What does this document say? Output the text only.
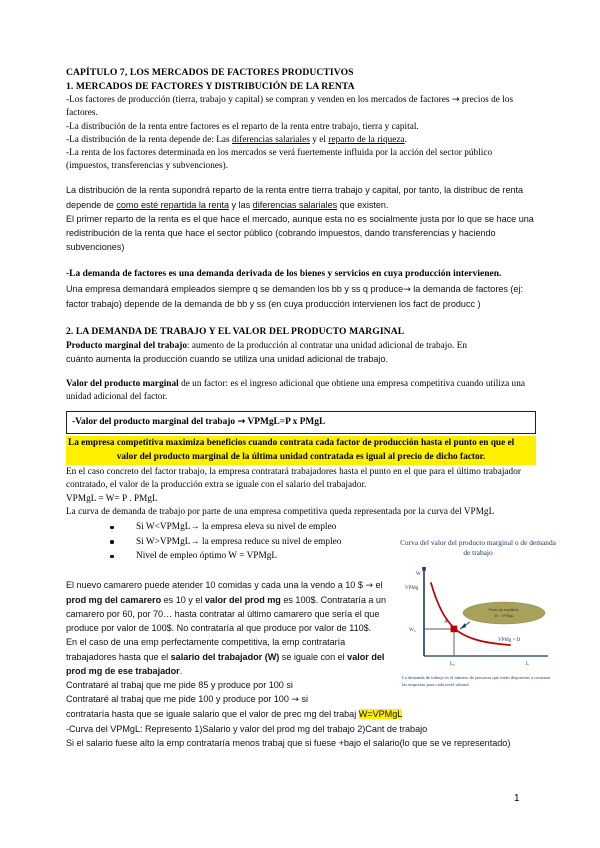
CAPÍTULO 7, LOS MERCADOS DE FACTORES PRODUCTIVOS
1. MERCADOS DE FACTORES Y DISTRIBUCIÓN DE LA RENTA
-Los factores de producción (tierra, trabajo y capital) se compran y venden en los mercados de factores → precios de los factores.
-La distribución de la renta entre factores es el reparto de la renta entre trabajo, tierra y capital.
-La distribución de la renta depende de: Las diferencias salariales y el reparto de la riqueza.
-La renta de los factores determinada en los mercados se verá fuertemente influida por la acción del sector público (impuestos, transferencias y subvenciones).
La distribución de la renta supondrá reparto de la renta entre tierra trabajo y capital, por tanto, la distribuc de renta depende de como esté repartida la renta y las diferencias salariales que existen.
El primer reparto de la renta es el que hace el mercado, aunque esta no es socialmente justa por lo que se hace una redistribución de la renta que hace el sector público (cobrando impuestos, dando transferencias y haciendo subvenciones)
-La demanda de factores es una demanda derivada de los bienes y servicios en cuya producción intervienen.
Una empresa demandará empleados siempre q se demanden los bb y ss q produce→ la demanda de factores (ej: factor trabajo) depende de la demanda de bb y ss (en cuya producción intervienen los fact de producc )
2. LA DEMANDA DE TRABAJO Y EL VALOR DEL PRODUCTO MARGINAL
Producto marginal del trabajo: aumento de la producción al contratar una unidad adicional de trabajo. En
cuánto aumenta la producción cuando se utiliza una unidad adicional de trabajo.
Valor del producto marginal de un factor: es el ingreso adicional que obtiene una empresa competitiva cuando utiliza una unidad adicional del factor.
-Valor del producto marginal del trabajo → VPMgL=P x PMgL
La empresa competitiva maximiza beneficios cuando contrata cada factor de producción hasta el punto en que el
valor del producto marginal de la última unidad contratada es igual al precio de dicho factor.
En el caso concreto del factor trabajo, la empresa contratará trabajadores hasta el punto en el que para el último trabajador contratado, el valor de la producción extra se iguale con el salario del trabajador.
VPMgL = W= P . PMgL
La curva de demanda de trabajo por parte de una empresa competitiva queda representada por la curva del VPMgL
Si W<VPMgL→ la empresa eleva su nivel de empleo
Si W>VPMgL→ la empresa reduce su nivel de empleo
Nivel de empleo óptimo W = VPMgL
El nuevo camarero puede atender 10 comidas y cada una la vendo a 10 $ → el prod mg del camarero es 10 y el valor del prod mg es 100$. Contrataría a un camarero por 60, por 70… hasta contratar al último camarero que sería el que produce por valor de 100$. No contrataría al que produce por valor de 110$.
En el caso de una emp perfectamente competitiva, la emp contrataría trabajadores hasta que el salario del trabajador (W) se iguale con el valor del prod mg de ese trabajador.
Contrataré al trabaj que me pide 85 y produce por 100 si
Contrataré al trabaj que me pide 100 y produce por 100 → si
contrataría hasta que se iguale salario que el valor de prec mg del trabaj W=VPMgL
-Curva del VPMgL: Represento 1)Salario y valor del prod mg del trabajo 2)Cant de trabajo
Si el salario fuese alto la emp contrataría menos trabaj que si fuese +bajo el salario(lo que se ve representado)
Curva del valor del producto marginal o de demanda de trabajo
Punto de equilibrio:
W = VPMgL
W
VPMg
W₀
L₀	L
A
VPMg = D
La demanda de trabajo es el número de personas que están dispuestas a contratar las empresas para cada nivel salarial.
1
